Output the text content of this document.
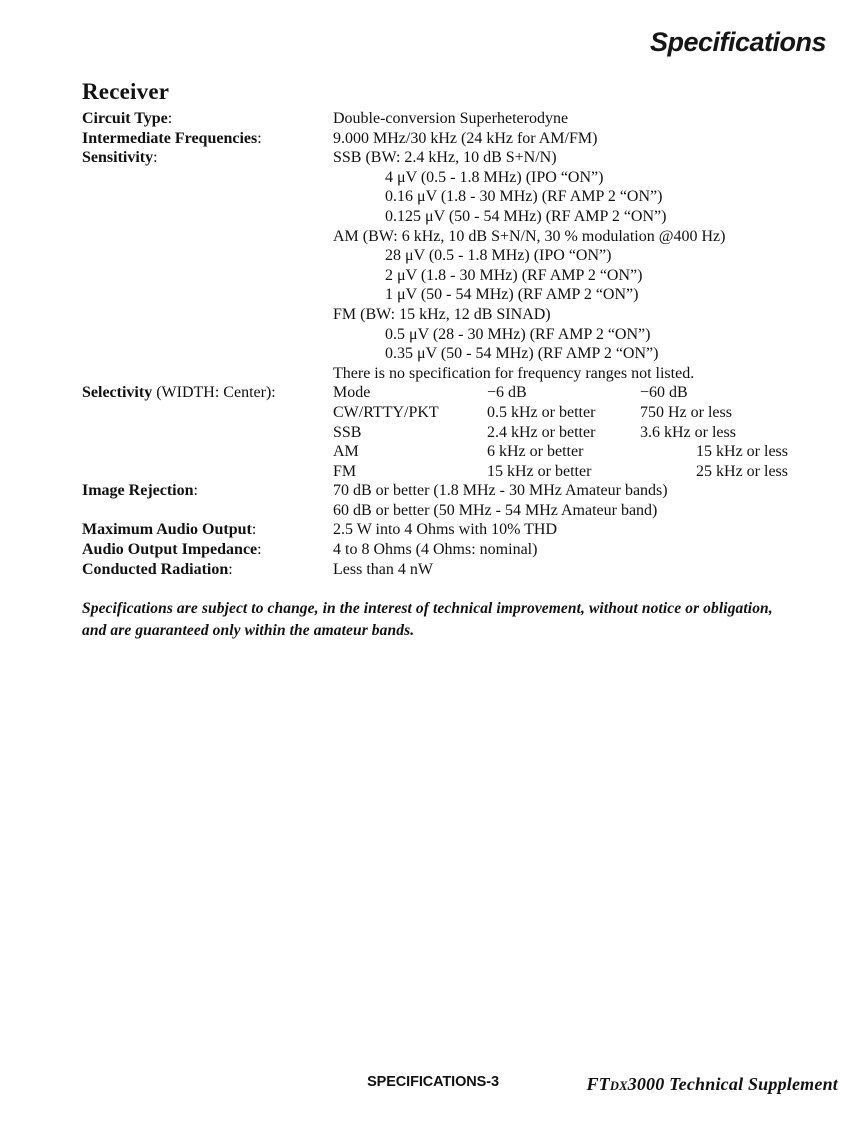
Specifications
Receiver
Circuit Type:	Double-conversion Superheterodyne
Intermediate Frequencies:	9.000 MHz/30 kHz (24 kHz for AM/FM)
Sensitivity:	SSB (BW: 2.4 kHz, 10 dB S+N/N)
4 μV (0.5 - 1.8 MHz) (IPO “ON”)
0.16 μV (1.8 - 30 MHz) (RF AMP 2 “ON”)
0.125 μV (50 - 54 MHz) (RF AMP 2 “ON”)
AM (BW: 6 kHz, 10 dB S+N/N, 30 % modulation @400 Hz)
28 μV (0.5 - 1.8 MHz) (IPO “ON”)
2 μV (1.8 - 30 MHz) (RF AMP 2 “ON”)
1 μV (50 - 54 MHz) (RF AMP 2 “ON”)
FM (BW: 15 kHz, 12 dB SINAD)
0.5 μV (28 - 30 MHz) (RF AMP 2 “ON”)
0.35 μV (50 - 54 MHz) (RF AMP 2 “ON”)
There is no specification for frequency ranges not listed.
Selectivity (WIDTH: Center):	Mode	−6 dB	−60 dB
CW/RTTY/PKT	0.5 kHz or better	750 Hz or less
SSB	2.4 kHz or better	3.6 kHz or less
AM	6 kHz or better	15 kHz or less
FM	15 kHz or better	25 kHz or less
Image Rejection:	70 dB or better (1.8 MHz - 30 MHz Amateur bands)
60 dB or better (50 MHz - 54 MHz Amateur band)
Maximum Audio Output:	2.5 W into 4 Ohms with 10% THD
Audio Output Impedance:	4 to 8 Ohms (4 Ohms: nominal)
Conducted Radiation:	Less than 4 nW
Specifications are subject to change, in the interest of technical improvement, without notice or obligation,
and are guaranteed only within the amateur bands.
SPECIFICATIONS-3	FTDX3000 Technical Supplement
